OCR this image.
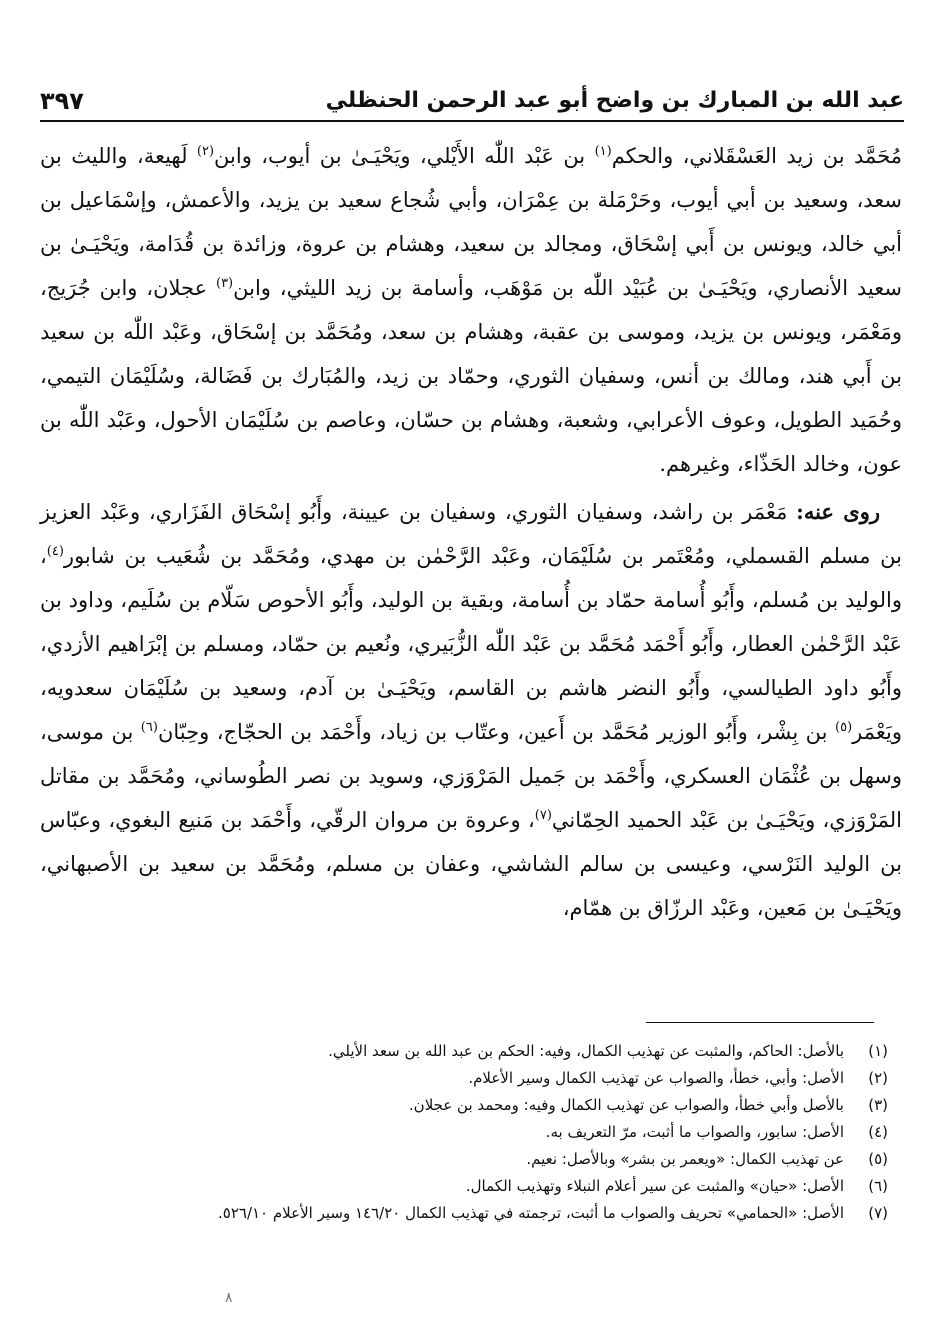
عبد الله بن المبارك بن واضح أبو عبد الرحمن الحنظلي
٣٩٧

مُحَمَّد بن زيد العَسْقَلاني، والحكم$^{(١)}$ بن عَبْد اللّٰه الأَيْلي، ويَحْيَـىٰ بن أيوب، وابن$^{(٢)}$ لَهيعة، والليث بن سعد، وسعيد بن أبي أيوب، وحَرْمَلة بن عِمْرَان، وأبي شُجاع سعيد بن يزيد، والأعمش، وإسْمَاعيل بن أبي خالد، ويونس بن أَبي إسْحَاق، ومجالد بن سعيد، وهشام بن عروة، وزائدة بن قُدَامة، ويَحْيَـىٰ بن سعيد الأنصاري، ويَحْيَـىٰ بن عُبَيْد اللّٰه بن مَوْهَب، وأسامة بن زيد الليثي، وابن$^{(٣)}$ عجلان، وابن جُرَيج، ومَعْمَر، ويونس بن يزيد، وموسى بن عقبة، وهشام بن سعد، ومُحَمَّد بن إسْحَاق، وعَبْد اللّٰه بن سعيد بن أَبي هند، ومالك بن أنس، وسفيان الثوري، وحمّاد بن زيد، والمُبَارك بن فَضَالة، وسُلَيْمَان التيمي، وحُمَيد الطويل، وعوف الأعرابي، وشعبة، وهشام بن حسّان، وعاصم بن سُلَيْمَان الأحول، وعَبْد اللّٰه بن عون، وخالد الحَذّاء، وغيرهم.

روى عنه: مَعْمَر بن راشد، وسفيان الثوري، وسفيان بن عيينة، وأَبُو إسْحَاق الفَزَاري، وعَبْد العزيز بن مسلم القسملي، ومُعْتَمر بن سُلَيْمَان، وعَبْد الرَّحْمٰن بن مهدي، ومُحَمَّد بن شُعَيب بن شابور$^{(٤)}$، والوليد بن مُسلم، وأَبُو أُسامة حمّاد بن أُسامة، وبقية بن الوليد، وأَبُو الأحوص سَلّام بن سُلَيم، وداود بن عَبْد الرَّحْمٰن العطار، وأَبُو أَحْمَد مُحَمَّد بن عَبْد اللّٰه الزُّبَيري، ونُعيم بن حمّاد، ومسلم بن إبْرَاهيم الأزدي، وأَبُو داود الطيالسي، وأَبُو النضر هاشم بن القاسم، ويَحْيَـىٰ بن آدم، وسعيد بن سُلَيْمَان سعدويه، ويَعْمَر$^{(٥)}$ بن بِشْر، وأَبُو الوزير مُحَمَّد بن أَعين، وعتّاب بن زياد، وأَحْمَد بن الحجّاج، وحِبّان$^{(٦)}$ بن موسى، وسهل بن عُثْمَان العسكري، وأَحْمَد بن جَميل المَرْوَزي، وسويد بن نصر الطُوساني، ومُحَمَّد بن مقاتل المَرْوَزي، ويَحْيَـىٰ بن عَبْد الحميد الحِمّاني$^{(٧)}$، وعروة بن مروان الرقّي، وأَحْمَد بن مَنيع البغوي، وعبّاس بن الوليد النَرْسي، وعيسى بن سالم الشاشي، وعفان بن مسلم، ومُحَمَّد بن سعيد بن الأصبهاني، ويَحْيَـىٰ بن مَعين، وعَبْد الرزّاق بن همّام،

(١)
بالأصل: الحاكم، والمثبت عن تهذيب الكمال، وفيه: الحكم بن عبد الله بن سعد الأيلي.
(٢)
الأصل: وأبي، خطأ، والصواب عن تهذيب الكمال وسير الأعلام.
(٣)
بالأصل وأبي خطأ، والصواب عن تهذيب الكمال وفيه: ومحمد بن عجلان.
(٤)
الأصل: سابور، والصواب ما أثبت، مرّ التعريف به.
(٥)
عن تهذيب الكمال: «ويعمر بن بشر» وبالأصل: نعيم.
(٦)
الأصل: «حيان» والمثبت عن سير أعلام النبلاء وتهذيب الكمال.
(٧)
الأصل: «الحمامي» تحريف والصواب ما أثبت، ترجمته في تهذيب الكمال ١٤٦/٢٠ وسير الأعلام ٥٢٦/١٠.
٨
